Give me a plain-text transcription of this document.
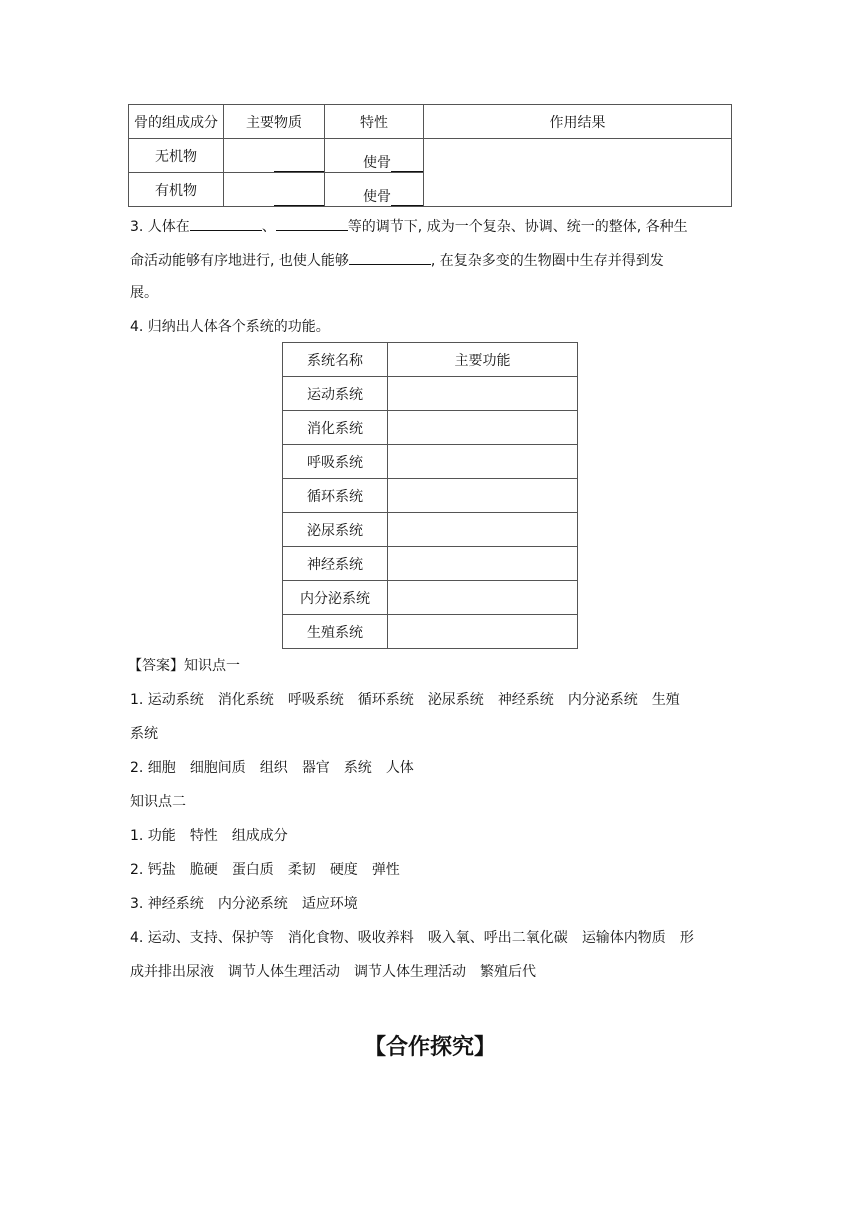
骨的组成成分	主要物质	特性	作用结果
无机物		使骨	

有机物		使骨	
3. 人体在	、	等的调节下, 成为一个复杂、协调、统一的整体, 各种生
命活动能够有序地进行, 也使人能够	, 在复杂多变的生物圈中生存并得到发
展。
4. 归纳出人体各个系统的功能。
系统名称	主要功能
运动系统	
消化系统	
呼吸系统	
循环系统	
泌尿系统	
神经系统	
内分泌系统	
生殖系统	
【答案】知识点一
1. 运动系统 消化系统 呼吸系统 循环系统 泌尿系统 神经系统 内分泌系统 生殖
系统
2. 细胞 细胞间质 组织 器官 系统 人体
知识点二
1. 功能 特性 组成成分
2. 钙盐 脆硬 蛋白质 柔韧 硬度 弹性
3. 神经系统 内分泌系统 适应环境
4. 运动、支持、保护等 消化食物、吸收养料 吸入氧、呼出二氧化碳 运输体内物质 形
成并排出尿液 调节人体生理活动 调节人体生理活动 繁殖后代
【合作探究】
